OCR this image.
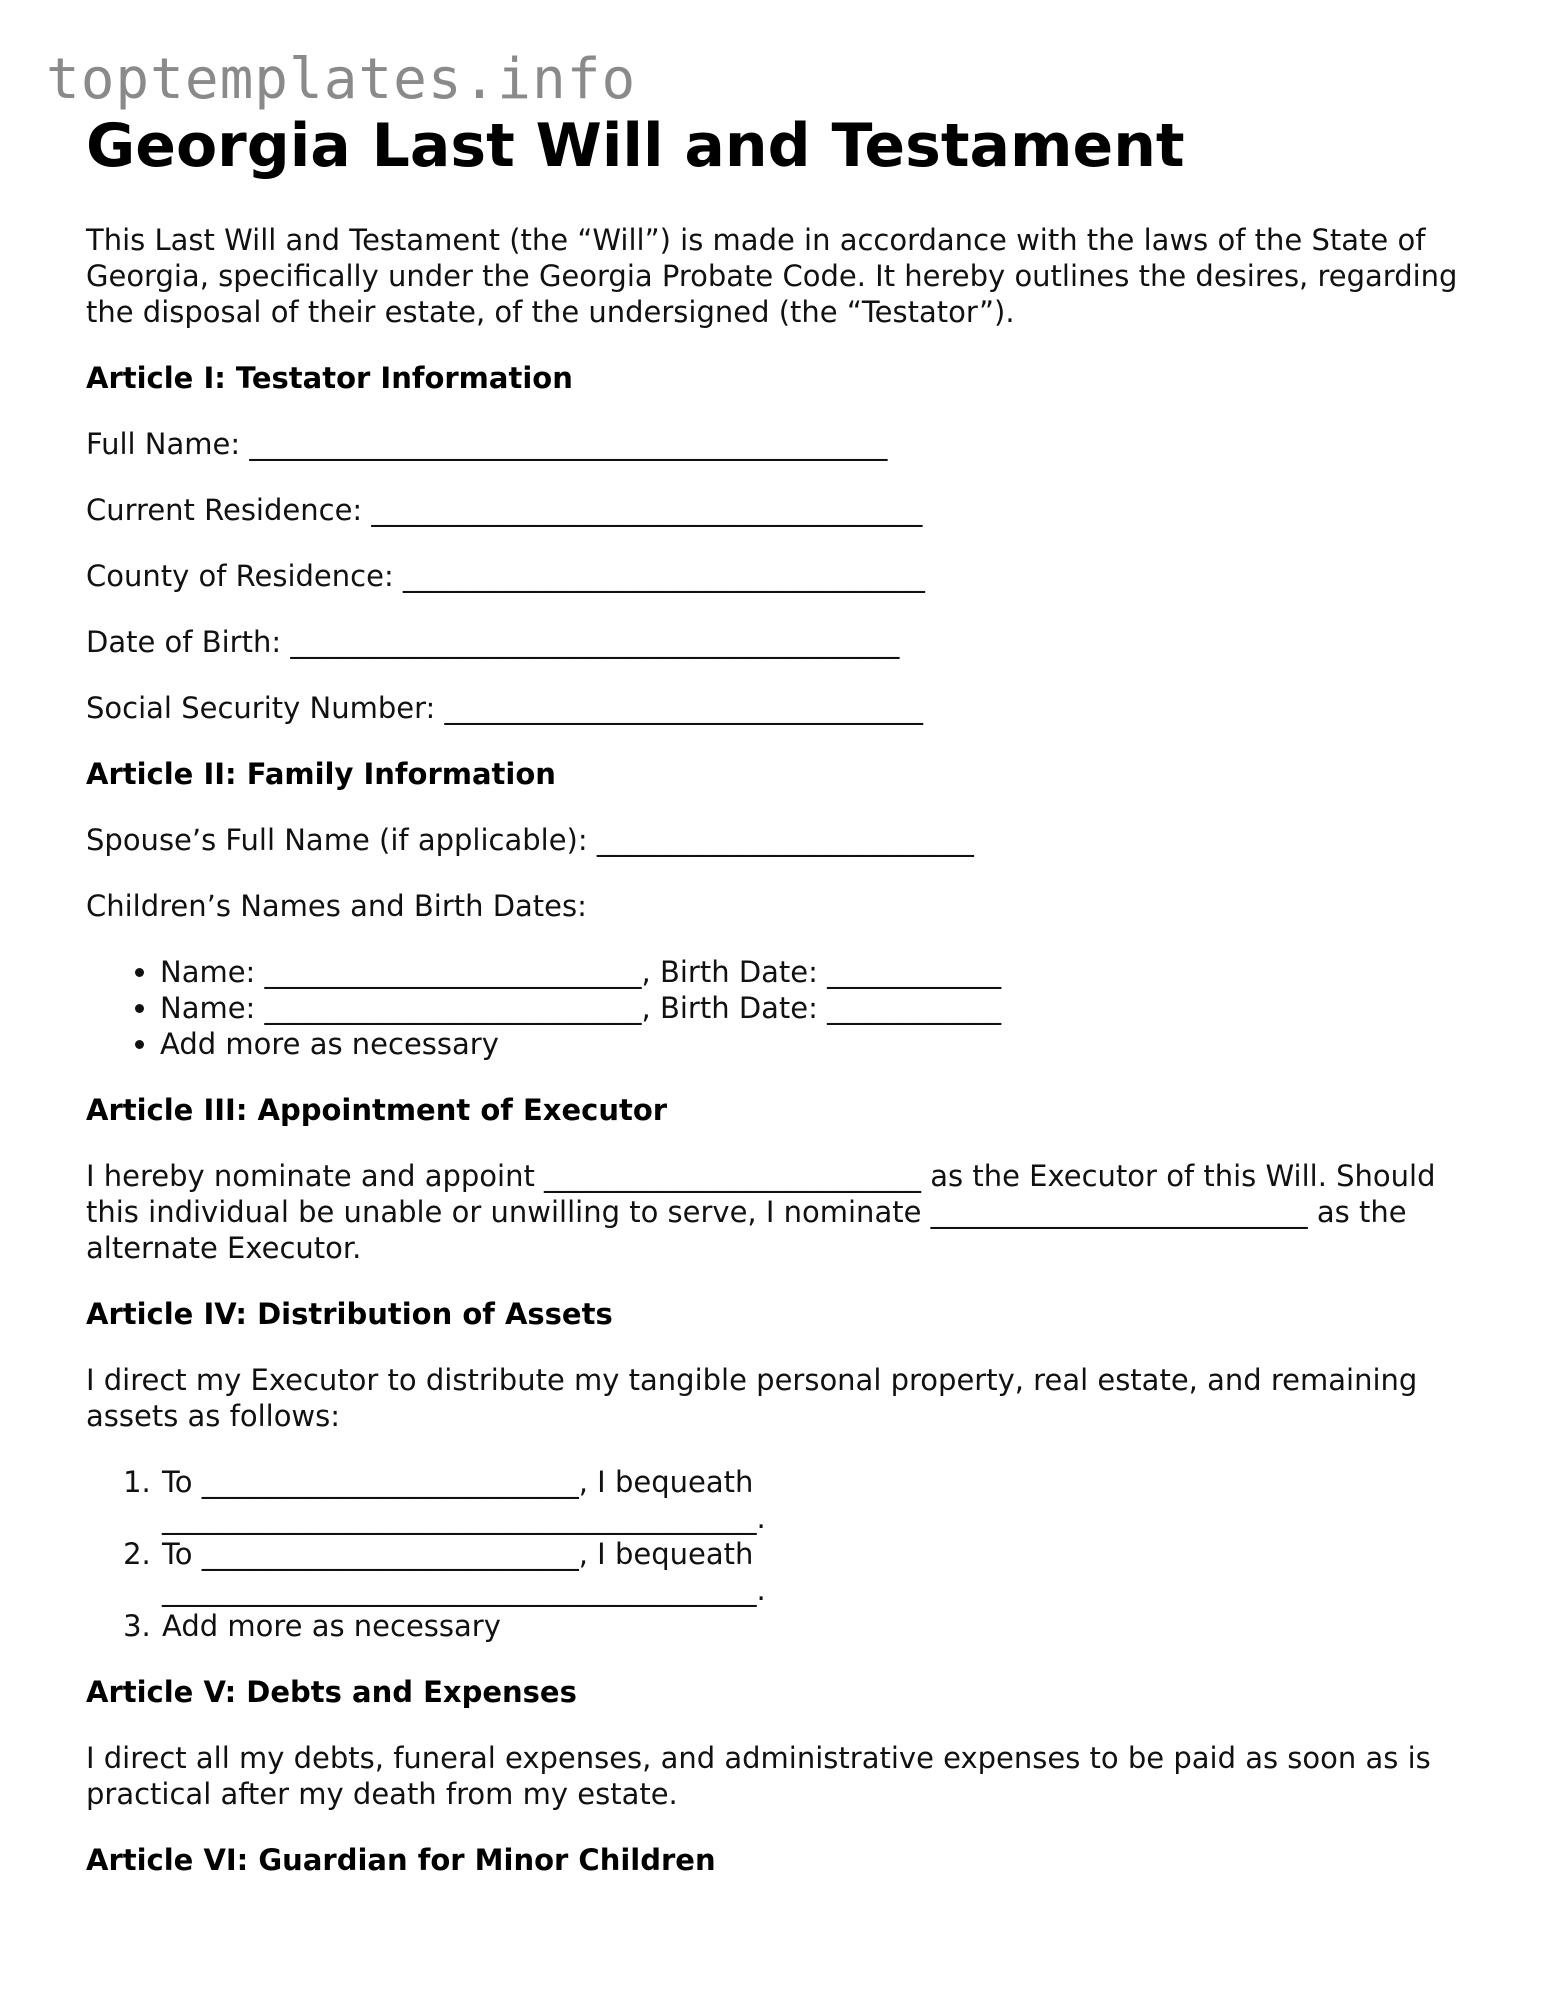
toptemplates.info
Georgia Last Will and Testament

This Last Will and Testament (the “Will”) is made in accordance with the laws of the State of Georgia, specifically under the Georgia Probate Code. It hereby outlines the desires, regarding the disposal of their estate, of the undersigned (the “Testator”).

Article I: Testator Information

Full Name: ____________________________________________

Current Residence: ______________________________________

County of Residence: ____________________________________

Date of Birth: __________________________________________

Social Security Number: _________________________________

Article II: Family Information

Spouse’s Full Name (if applicable): __________________________

Children’s Names and Birth Dates:

• Name: __________________________, Birth Date: ____________
• Name: __________________________, Birth Date: ____________
• Add more as necessary
Article III: Appointment of Executor

I hereby nominate and appoint __________________________ as the Executor of this Will. Should this individual be unable or unwilling to serve, I nominate __________________________ as the alternate Executor.

Article IV: Distribution of Assets

I direct my Executor to distribute my tangible personal property, real estate, and remaining assets as follows:

1. To __________________________, I bequeath _________________________________________.
2. To __________________________, I bequeath _________________________________________.
3. Add more as necessary
Article V: Debts and Expenses

I direct all my debts, funeral expenses, and administrative expenses to be paid as soon as is practical after my death from my estate.

Article VI: Guardian for Minor Children
